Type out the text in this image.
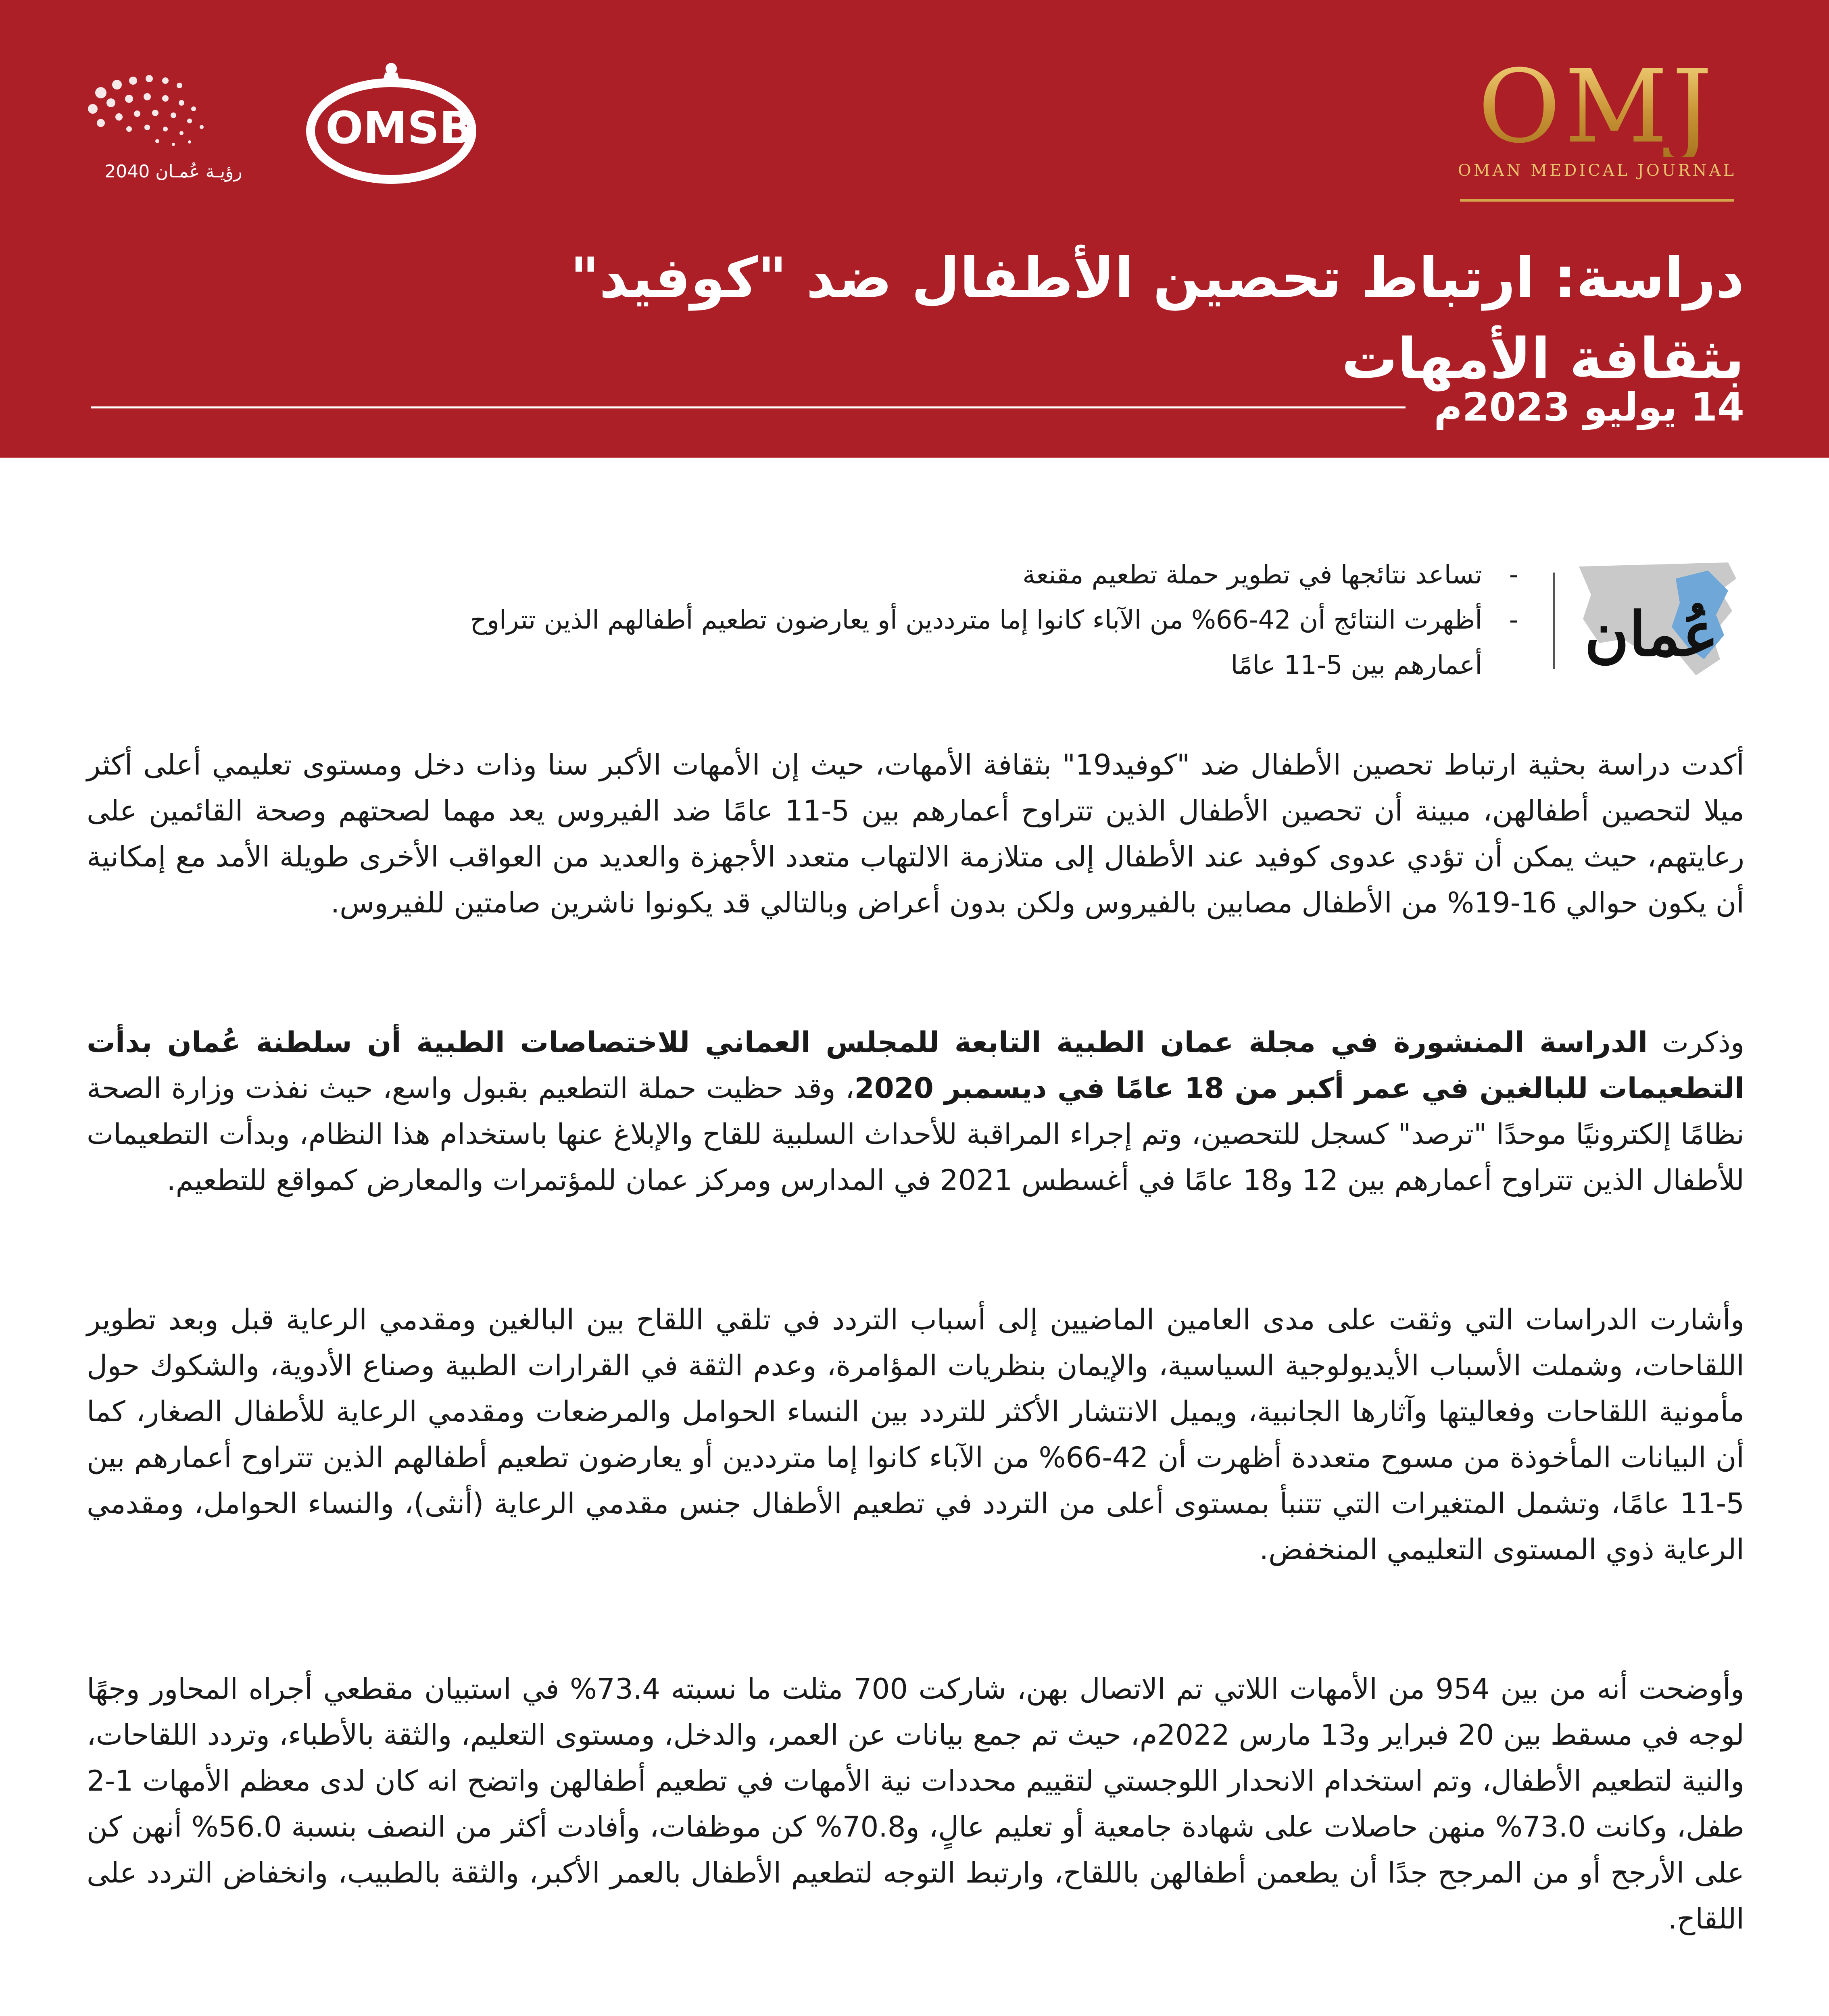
رؤيـة عُمـان 2040
OMSB	OMJ
OMAN MEDICAL JOURNAL
دراسة: ارتباط تحصين الأطفال ضد "كوفيد"
بثقافة الأمهات
14 يوليو 2023م
عُمان
-
تساعد نتائجها في تطوير حملة تطعيم مقنعة
-
أظهرت النتائج أن 42-66% من الآباء كانوا إما مترددين أو يعارضون تطعيم أطفالهم الذين تتراوح أعمارهم بين 5-11 عامًا

أكدت دراسة بحثية ارتباط تحصين الأطفال ضد "كوفيد19" بثقافة الأمهات، حيث إن الأمهات الأكبر سنا وذات دخل ومستوى تعليمي أعلى أكثر ميلا لتحصين أطفالهن، مبينة أن تحصين الأطفال الذين تتراوح أعمارهم بين 5-11 عامًا ضد الفيروس يعد مهما لصحتهم وصحة القائمين على رعايتهم، حيث يمكن أن تؤدي عدوى كوفيد عند الأطفال إلى متلازمة الالتهاب متعدد الأجهزة والعديد من العواقب الأخرى طويلة الأمد مع إمكانية أن يكون حوالي 16-19% من الأطفال مصابين بالفيروس ولكن بدون أعراض وبالتالي قد يكونوا ناشرين صامتين للفيروس.

وذكرت الدراسة المنشورة في مجلة عمان الطبية التابعة للمجلس العماني للاختصاصات الطبية أن سلطنة عُمان بدأت التطعيمات للبالغين في عمر أكبر من 18 عامًا في ديسمبر 2020، وقد حظيت حملة التطعيم بقبول واسع، حيث نفذت وزارة الصحة نظامًا إلكترونيًا موحدًا "ترصد" كسجل للتحصين، وتم إجراء المراقبة للأحداث السلبية للقاح والإبلاغ عنها باستخدام هذا النظام، وبدأت التطعيمات للأطفال الذين تتراوح أعمارهم بين 12 و18 عامًا في أغسطس 2021 في المدارس ومركز عمان للمؤتمرات والمعارض كمواقع للتطعيم.

وأشارت الدراسات التي وثقت على مدى العامين الماضيين إلى أسباب التردد في تلقي اللقاح بين البالغين ومقدمي الرعاية قبل وبعد تطوير اللقاحات، وشملت الأسباب الأيديولوجية السياسية، والإيمان بنظريات المؤامرة، وعدم الثقة في القرارات الطبية وصناع الأدوية، والشكوك حول مأمونية اللقاحات وفعاليتها وآثارها الجانبية، ويميل الانتشار الأكثر للتردد بين النساء الحوامل والمرضعات ومقدمي الرعاية للأطفال الصغار، كما أن البيانات المأخوذة من مسوح متعددة أظهرت أن 42-66% من الآباء كانوا إما مترددين أو يعارضون تطعيم أطفالهم الذين تتراوح أعمارهم بين 5-11 عامًا، وتشمل المتغيرات التي تتنبأ بمستوى أعلى من التردد في تطعيم الأطفال جنس مقدمي الرعاية (أنثى)، والنساء الحوامل، ومقدمي الرعاية ذوي المستوى التعليمي المنخفض.

وأوضحت أنه من بين 954 من الأمهات اللاتي تم الاتصال بهن، شاركت 700 مثلت ما نسبته 73.4% في استبيان مقطعي أجراه المحاور وجهًا لوجه في مسقط بين 20 فبراير و13 مارس 2022م، حيث تم جمع بيانات عن العمر، والدخل، ومستوى التعليم، والثقة بالأطباء، وتردد اللقاحات، والنية لتطعيم الأطفال، وتم استخدام الانحدار اللوجستي لتقييم محددات نية الأمهات في تطعيم أطفالهن واتضح انه كان لدى معظم الأمهات 1-2 طفل، وكانت 73.0% منهن حاصلات على شهادة جامعية أو تعليم عالٍ، و70.8% كن موظفات، وأفادت أكثر من النصف بنسبة 56.0% أنهن كن على الأرجح أو من المرجح جدًا أن يطعمن أطفالهن باللقاح، وارتبط التوجه لتطعيم الأطفال بالعمر الأكبر، والثقة بالطبيب، وانخفاض التردد على اللقاح.
